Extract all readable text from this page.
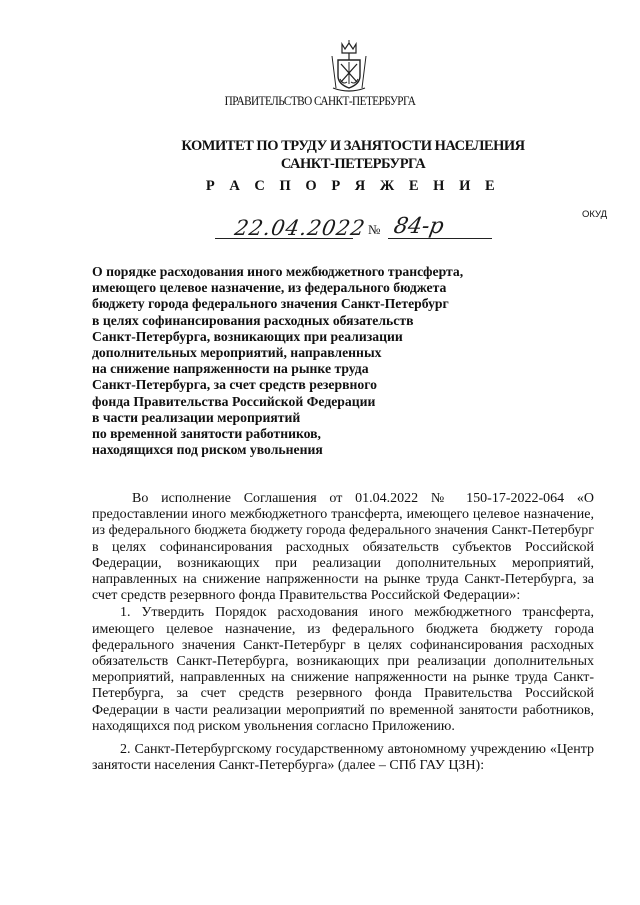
ПРАВИТЕЛЬСТВО САНКТ-ПЕТЕРБУРГА
КОМИТЕТ ПО ТРУДУ И ЗАНЯТОСТИ НАСЕЛЕНИЯ
САНКТ-ПЕТЕРБУРГА
Р А С П О Р Я Ж Е Н И Е
ОКУД
22.04.2022 № 84-р
О порядке расходования иного межбюджетного трансферта,
имеющего целевое назначение, из федерального бюджета
бюджету города федерального значения Санкт-Петербург
в целях софинансирования расходных обязательств
Санкт-Петербурга, возникающих при реализации
дополнительных мероприятий, направленных
на снижение напряженности на рынке труда
Санкт-Петербурга, за счет средств резервного
фонда Правительства Российской Федерации
в части реализации мероприятий
по временной занятости работников,
находящихся под риском увольнения

Во исполнение Соглашения от 01.04.2022 № 150-17-2022-064 «О предоставлении иного межбюджетного трансферта, имеющего целевое назначение, из федерального бюджета бюджету города федерального значения Санкт-Петербург в целях софинансирования расходных обязательств субъектов Российской Федерации, возникающих при реализации дополнительных мероприятий, направленных на снижение напряженности на рынке труда Санкт-Петербурга, за счет средств резервного фонда Правительства Российской Федерации»:

1. Утвердить Порядок расходования иного межбюджетного трансферта, имеющего целевое назначение, из федерального бюджета бюджету города федерального значения Санкт-Петербург в целях софинансирования расходных обязательств Санкт-Петербурга, возникающих при реализации дополнительных мероприятий, направленных на снижение напряженности на рынке труда Санкт-Петербурга, за счет средств резервного фонда Правительства Российской Федерации в части реализации мероприятий по временной занятости работников, находящихся под риском увольнения согласно Приложению.

2. Санкт-Петербургскому государственному автономному учреждению «Центр занятости населения Санкт-Петербурга» (далее – СПб ГАУ ЦЗН):
